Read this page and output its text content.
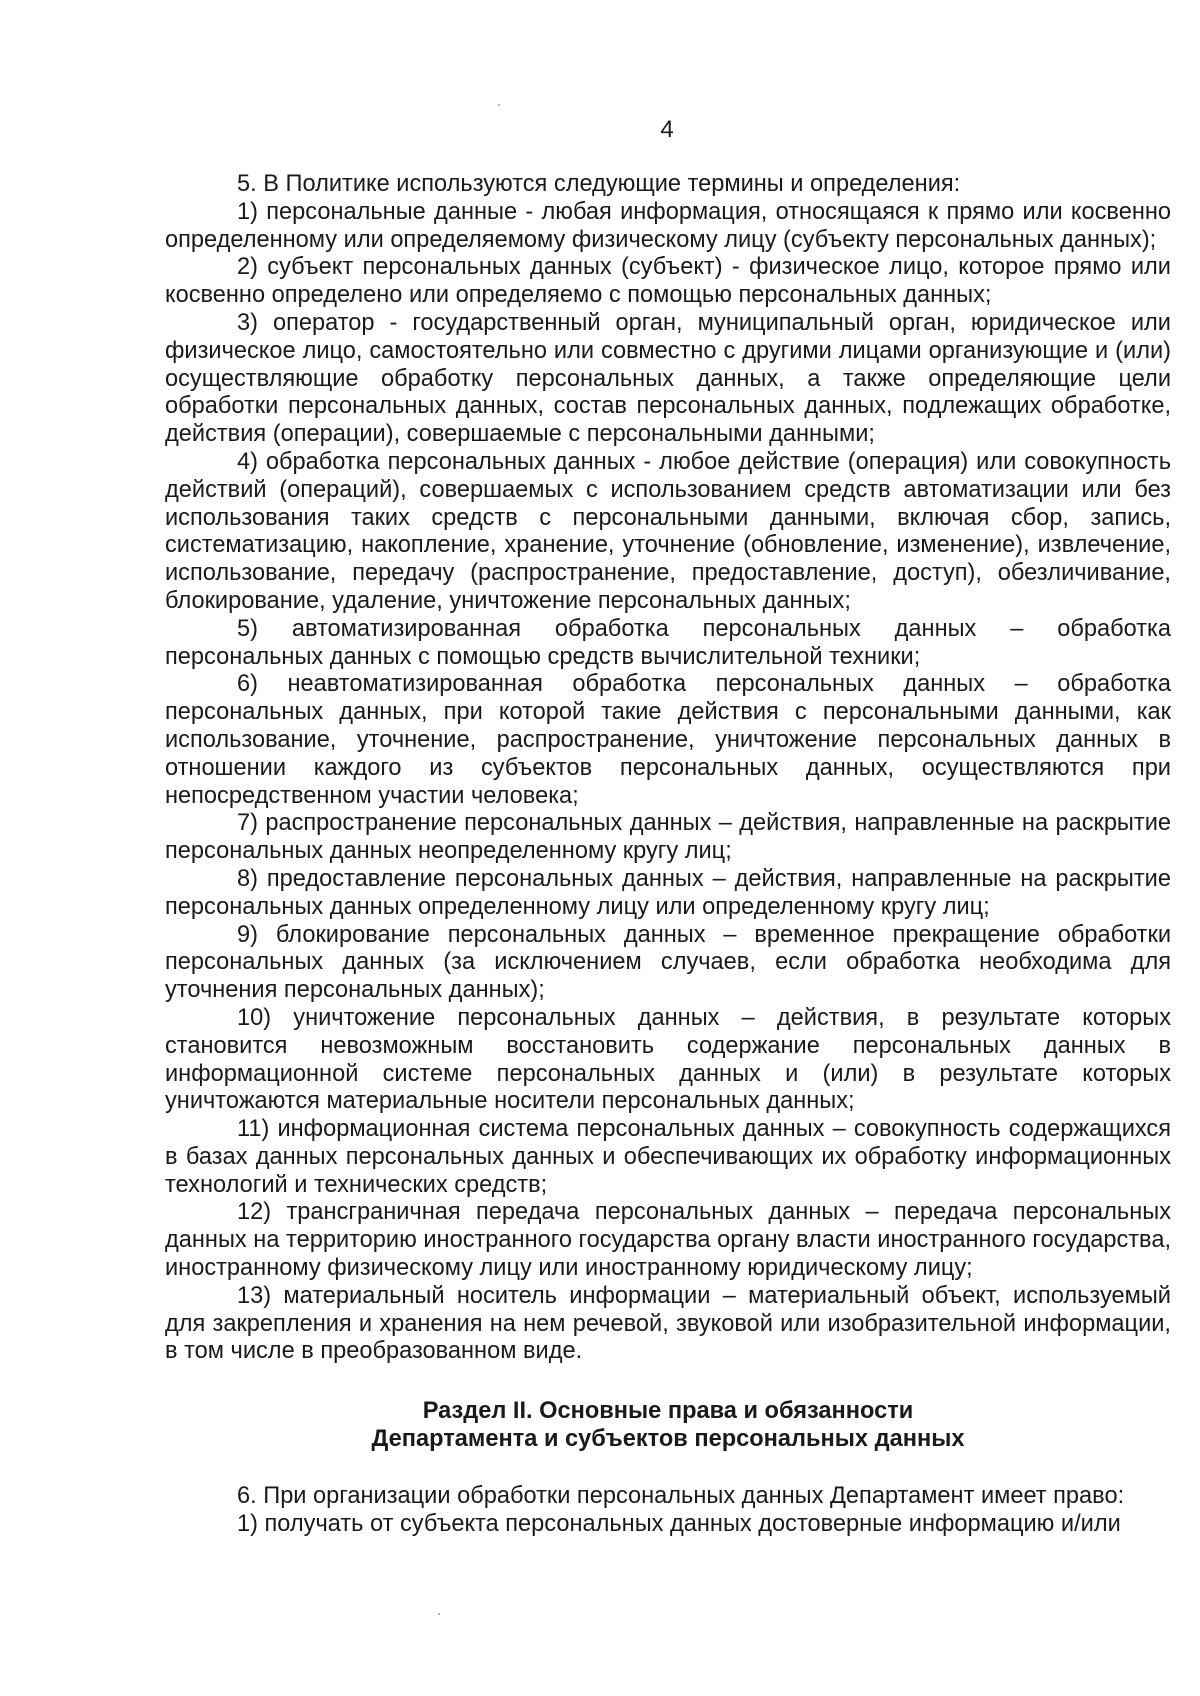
4

5. В Политике используются следующие термины и определения:

1) персональные данные - любая информация, относящаяся к прямо или косвенно определенному или определяемому физическому лицу (субъекту персональных данных);

2) субъект персональных данных (субъект) - физическое лицо, которое прямо или косвенно определено или определяемо с помощью персональных данных;

3) оператор - государственный орган, муниципальный орган, юридическое или физическое лицо, самостоятельно или совместно с другими лицами организующие и (или) осуществляющие обработку персональных данных, а также определяющие цели обработки персональных данных, состав персональных данных, подлежащих обработке, действия (операции), совершаемые с персональными данными;

4) обработка персональных данных - любое действие (операция) или совокупность действий (операций), совершаемых с использованием средств автоматизации или без использования таких средств с персональными данными, включая сбор, запись, систематизацию, накопление, хранение, уточнение (обновление, изменение), извлечение, использование, передачу (распространение, предоставление, доступ), обезличивание, блокирование, удаление, уничтожение персональных данных;

5) автоматизированная обработка персональных данных – обработка персональных данных с помощью средств вычислительной техники;

6) неавтоматизированная обработка персональных данных – обработка персональных данных, при которой такие действия с персональными данными, как использование, уточнение, распространение, уничтожение персональных данных в отношении каждого из субъектов персональных данных, осуществляются при непосредственном участии человека;

7) распространение персональных данных – действия, направленные на раскрытие персональных данных неопределенному кругу лиц;

8) предоставление персональных данных – действия, направленные на раскрытие персональных данных определенному лицу или определенному кругу лиц;

9) блокирование персональных данных – временное прекращение обработки персональных данных (за исключением случаев, если обработка необходима для уточнения персональных данных);

10) уничтожение персональных данных – действия, в результате которых становится невозможным восстановить содержание персональных данных в информационной системе персональных данных и (или) в результате которых уничтожаются материальные носители персональных данных;

11) информационная система персональных данных – совокупность содержащихся в базах данных персональных данных и обеспечивающих их обработку информационных технологий и технических средств;

12) трансграничная передача персональных данных – передача персональных данных на территорию иностранного государства органу власти иностранного государства, иностранному физическому лицу или иностранному юридическому лицу;

13) материальный носитель информации – материальный объект, используемый для закрепления и хранения на нем речевой, звуковой или изобразительной информации, в том числе в преобразованном виде.

Раздел II. Основные права и обязанности
Департамента и субъектов персональных данных

6. При организации обработки персональных данных Департамент имеет право:

1) получать от субъекта персональных данных достоверные информацию и/или
